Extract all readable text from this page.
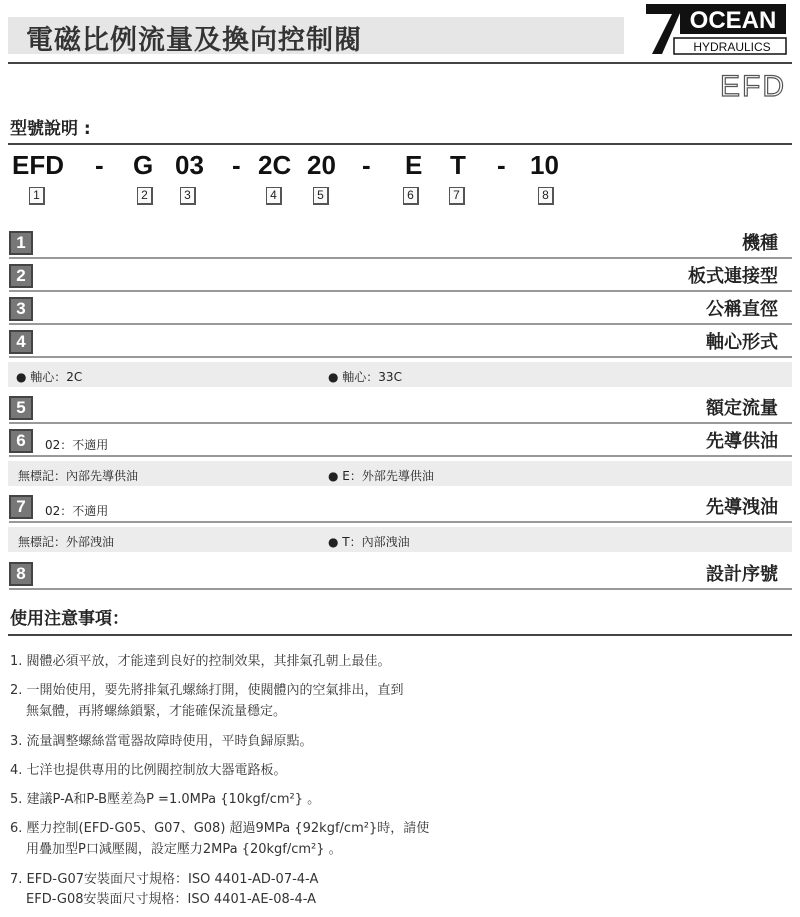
電磁比例流量及換向控制閥
OCEAN
HYDRAULICS
EFD
型號說明 :
EFD - G 03 - 2C 20 - E T - 10
1	2	3	4	5	6	7	8
1	機種
2	板式連接型
3	公稱直徑
4	軸心形式
5	額定流量
6	02：不適用	先導供油
7	02：不適用	先導洩油
8	設計序號
● 軸心：2C	● 軸心：33C
無標記：內部先導供油	● E：外部先導供油
無標記：外部洩油	● T：內部洩油
使用注意事項：
1. 閥體必須平放，才能達到良好的控制效果，其排氣孔朝上最佳。
2. 一開始使用，要先將排氣孔螺絲打開，使閥體內的空氣排出，直到
無氣體，再將螺絲鎖緊，才能確保流量穩定。
3. 流量調整螺絲當電器故障時使用，平時負歸原點。
4. 七洋也提供專用的比例閥控制放大器電路板。
5. 建議P-A和P-B壓差為P =1.0MPa {10kgf/cm²} 。
6. 壓力控制(EFD-G05、G07、G08) 超過9MPa {92kgf/cm²}時，請使
用疊加型P口減壓閥，設定壓力2MPa {20kgf/cm²} 。
7. EFD-G07安裝面尺寸規格：ISO 4401-AD-07-4-A
EFD-G08安裝面尺寸規格：ISO 4401-AE-08-4-A
